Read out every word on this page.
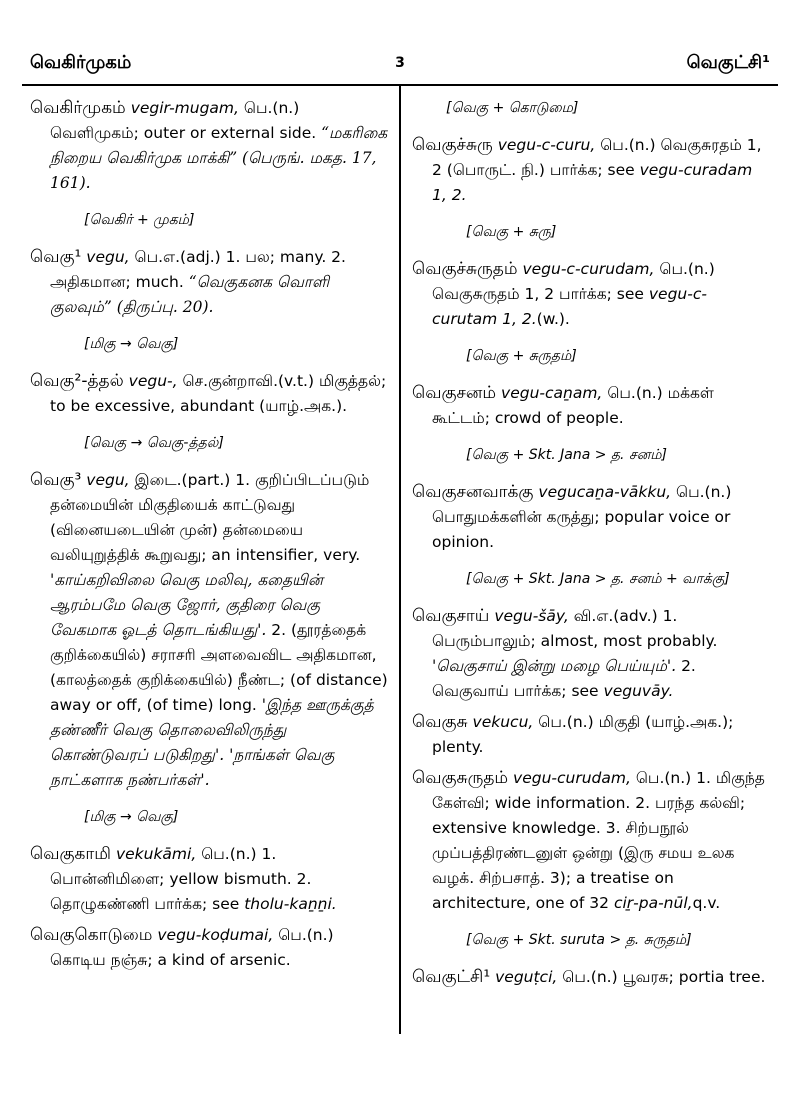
வெகிர்முகம்	3	வெகுட்சி¹
வெகிர்முகம் vegir-mugam, பெ.(n.) வெளிமுகம்; outer or external side. “மகரிகை நிறைய வெகிர்முக மாக்கி” (பெருங். மகத. 17, 161).
[வெகிர் + முகம்]
வெகு¹ vegu, பெ.எ.(adj.) 1. பல; many. 2. அதிகமான; much. “வெகுகனக வொளி குலவும்” (திருப்பு. 20).
[மிகு → வெகு]
வெகு²-த்தல் vegu-, செ.குன்றாவி.(v.t.) மிகுத்தல்; to be excessive, abundant (யாழ்.அக.).
[வெகு → வெகு-த்தல்]
வெகு³ vegu, இடை.(part.) 1. குறிப்பிடப்படும் தன்மையின் மிகுதியைக் காட்டுவது (வினையடையின் முன்) தன்மையை வலியுறுத்திக் கூறுவது; an intensifier, very. 'காய்கறிவிலை வெகு மலிவு, கதையின் ஆரம்பமே வெகு ஜோர், குதிரை வெகு வேகமாக ஓடத் தொடங்கியது'. 2. (தூரத்தைக் குறிக்கையில்) சராசரி அளவைவிட அதிகமான, (காலத்தைக் குறிக்கையில்) நீண்ட; (of distance) away or off, (of time) long. 'இந்த ஊருக்குத் தண்ணீர் வெகு தொலைவிலிருந்து கொண்டுவரப் படுகிறது'. 'நாங்கள் வெகு நாட்களாக நண்பர்கள்'.
[மிகு → வெகு]
வெகுகாமி vekukāmi, பெ.(n.) 1. பொன்னிமிளை; yellow bismuth. 2. தொழுகண்ணி பார்க்க; see tholu-kaṉṉi.
வெகுகொடுமை vegu-koḍumai, பெ.(n.) கொடிய நஞ்சு; a kind of arsenic.
[வெகு + கொடுமை]
வெகுச்சுரு vegu-c-curu, பெ.(n.) வெகுசுரதம் 1, 2 (பொருட். நி.) பார்க்க; see vegu-curadam 1, 2.
[வெகு + சுரு]
வெகுச்சுருதம் vegu-c-curudam, பெ.(n.) வெகுசுருதம் 1, 2 பார்க்க; see vegu-c-curutam 1, 2.(w.).
[வெகு + சுருதம்]
வெகுசனம் vegu-caṉam, பெ.(n.) மக்கள் கூட்டம்; crowd of people.
[வெகு + Skt. Jana > த. சனம்]
வெகுசனவாக்கு vegucaṉa-vākku, பெ.(n.) பொதுமக்களின் கருத்து; popular voice or opinion.
[வெகு + Skt. Jana > த. சனம் + வாக்கு]
வெகுசாய் vegu-šāy, வி.எ.(adv.) 1. பெரும்பாலும்; almost, most probably. 'வெகுசாய் இன்று மழை பெய்யும்'. 2. வெகுவாய் பார்க்க; see veguvāy.
வெகுசு vekucu, பெ.(n.) மிகுதி (யாழ்.அக.); plenty.
வெகுசுருதம் vegu-curudam, பெ.(n.) 1. மிகுந்த கேள்வி; wide information. 2. பரந்த கல்வி; extensive knowledge. 3. சிற்பநூல் முப்பத்திரண்டனுள் ஒன்று (இரு சமய உலக வழக். சிற்பசாத். 3); a treatise on architecture, one of 32 ciṟ-pa-nūl,q.v.
[வெகு + Skt. suruta > த. சுருதம்]
வெகுட்சி¹ veguṭci, பெ.(n.) பூவரசு; portia tree.
